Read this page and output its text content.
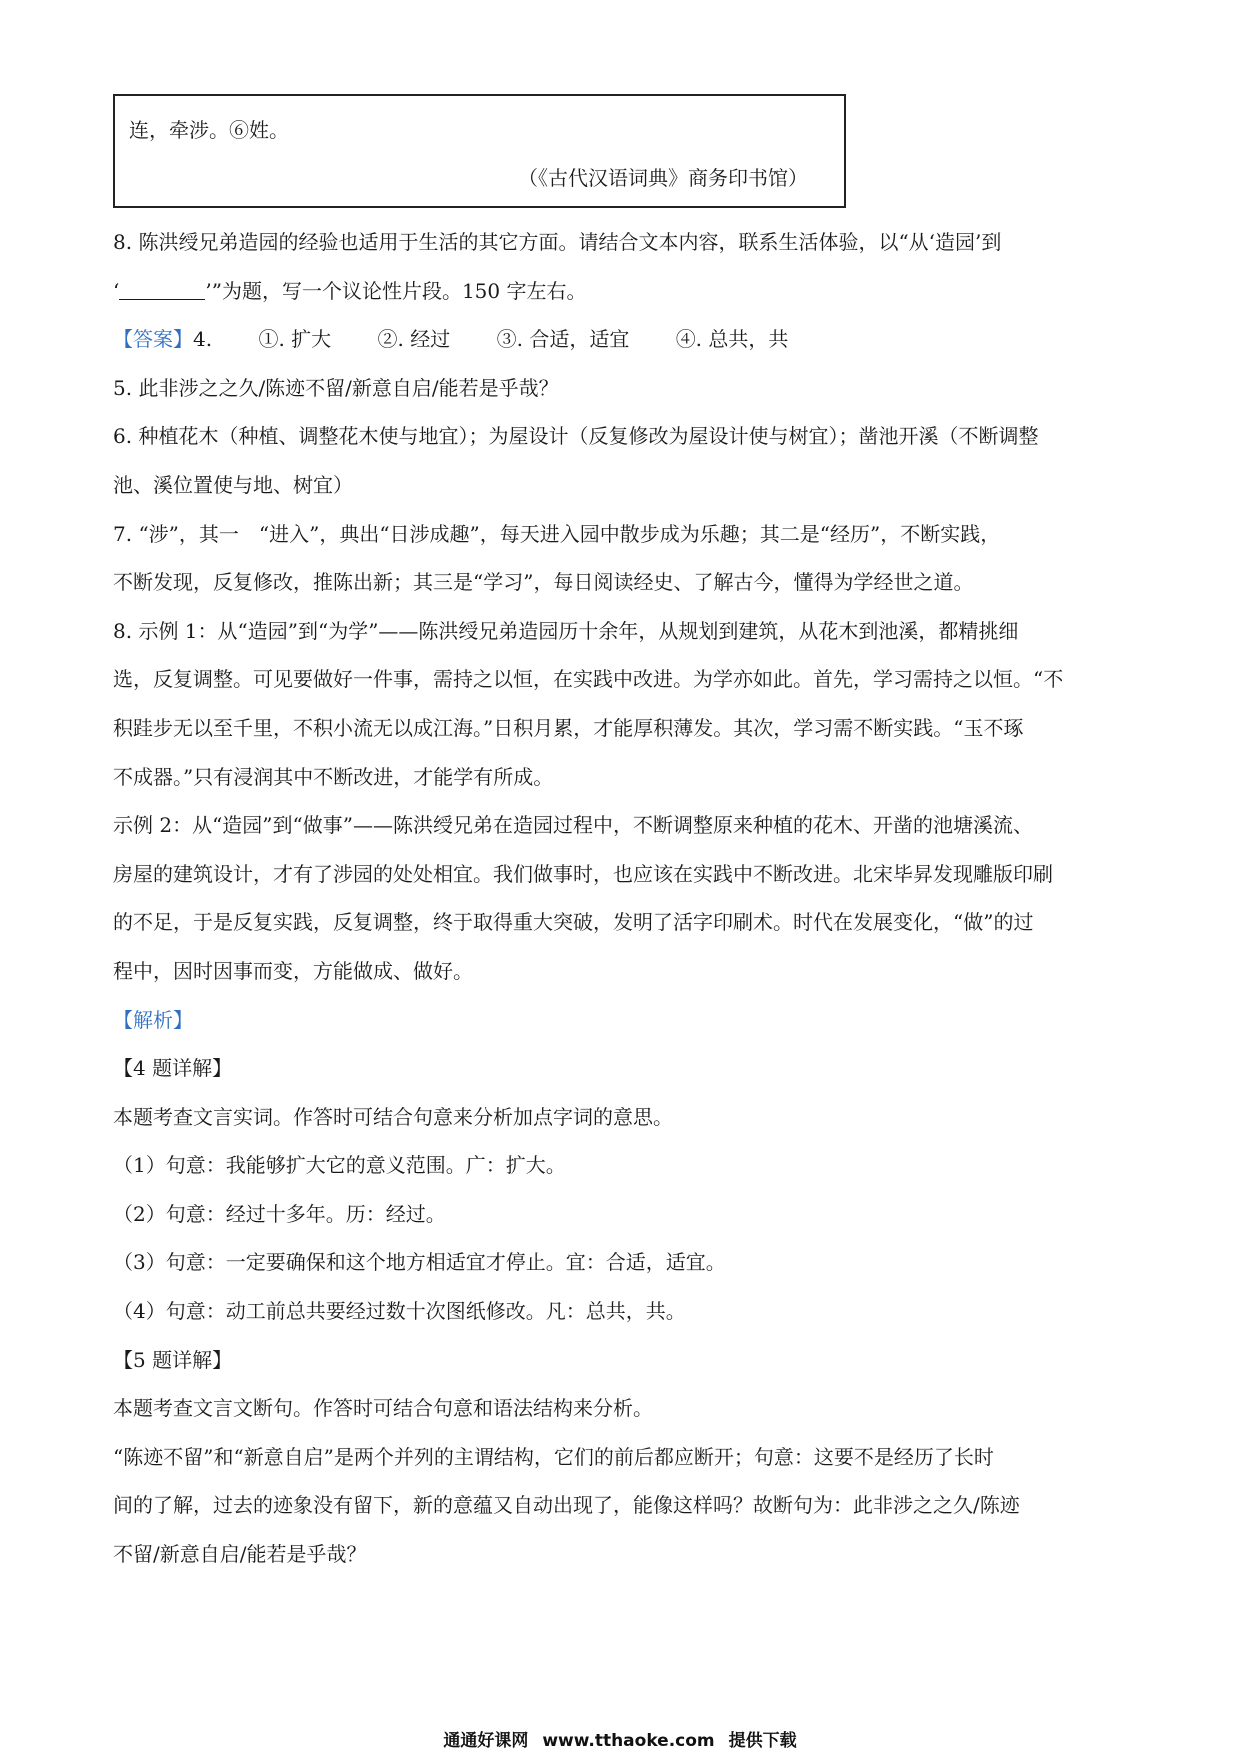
连，牵涉。⑥姓。
（《古代汉语词典》商务印书馆）

8. 陈洪绶兄弟造园的经验也适用于生活的其它方面。请结合文本内容，联系生活体验，以“从‘造园’到

‘	’”为题，写一个议论性片段。150 字左右。

【答案】4. ①. 扩大 ②. 经过 ③. 合适，适宜 ④. 总共，共

5. 此非涉之之久/陈迹不留/新意自启/能若是乎哉？

6. 种植花木（种植、调整花木使与地宜）；为屋设计（反复修改为屋设计使与树宜）；凿池开溪（不断调整

池、溪位置使与地、树宜）

7. “涉”，其一　“进入”，典出“日涉成趣”，每天进入园中散步成为乐趣；其二是“经历”，不断实践，

不断发现，反复修改，推陈出新；其三是“学习”，每日阅读经史、了解古今，懂得为学经世之道。

8. 示例 1：从“造园”到“为学”——陈洪绶兄弟造园历十余年，从规划到建筑，从花木到池溪，都精挑细

选，反复调整。可见要做好一件事，需持之以恒，在实践中改进。为学亦如此。首先，学习需持之以恒。“不

积跬步无以至千里，不积小流无以成江海。”日积月累，才能厚积薄发。其次，学习需不断实践。“玉不琢

不成器。”只有浸润其中不断改进，才能学有所成。

示例 2：从“造园”到“做事”——陈洪绶兄弟在造园过程中，不断调整原来种植的花木、开凿的池塘溪流、

房屋的建筑设计，才有了涉园的处处相宜。我们做事时，也应该在实践中不断改进。北宋毕昇发现雕版印刷

的不足，于是反复实践，反复调整，终于取得重大突破，发明了活字印刷术。时代在发展变化，“做”的过

程中，因时因事而变，方能做成、做好。

【解析】

【4 题详解】

本题考查文言实词。作答时可结合句意来分析加点字词的意思。

（1）句意：我能够扩大它的意义范围。广：扩大。

（2）句意：经过十多年。历：经过。

（3）句意：一定要确保和这个地方相适宜才停止。宜：合适，适宜。

（4）句意：动工前总共要经过数十次图纸修改。凡：总共，共。

【5 题详解】

本题考查文言文断句。作答时可结合句意和语法结构来分析。

“陈迹不留”和“新意自启”是两个并列的主谓结构，它们的前后都应断开；句意：这要不是经历了长时

间的了解，过去的迹象没有留下，新的意蕴又自动出现了，能像这样吗？故断句为：此非涉之之久/陈迹

不留/新意自启/能若是乎哉？

通通好课网 www.tthaoke.com 提供下载
